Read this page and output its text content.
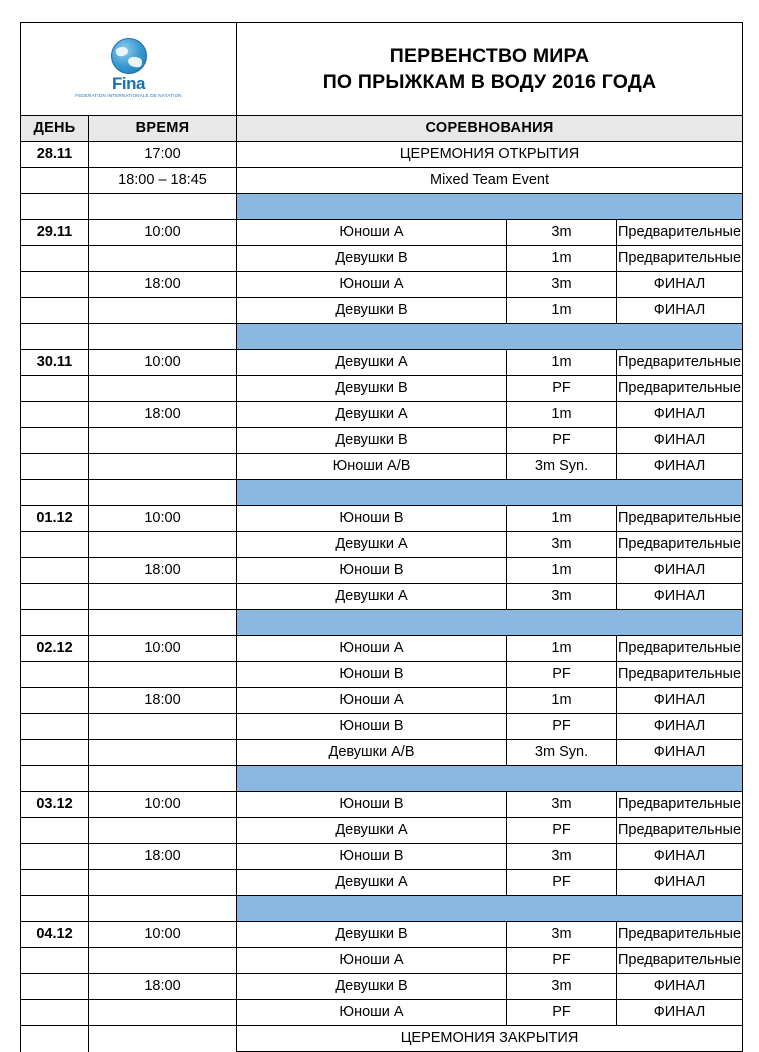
Fina
FEDERATION INTERNATIONALE DE NATATION

ПЕРВЕНСТВО МИРА
ПО ПРЫЖКАМ В ВОДУ 2016 ГОДА

ДЕНЬ	ВРЕМЯ	СОРЕВНОВАНИЯ		
28.11	17:00	ЦЕРЕМОНИЯ ОТКРЫТИЯ		
	18:00 – 18:45	Mixed Team Event		

29.11	10:00	Юноши А	3m	Предварительные
		Девушки В	1m	Предварительные
	18:00	Юноши А	3m	ФИНАЛ
		Девушки В	1m	ФИНАЛ

30.11	10:00	Девушки А	1m	Предварительные
		Девушки В	PF	Предварительные
	18:00	Девушки А	1m	ФИНАЛ
		Девушки В	PF	ФИНАЛ
		Юноши А/В	3m Syn.	ФИНАЛ

01.12	10:00	Юноши В	1m	Предварительные
		Девушки А	3m	Предварительные
	18:00	Юноши В	1m	ФИНАЛ
		Девушки А	3m	ФИНАЛ

02.12	10:00	Юноши А	1m	Предварительные
		Юноши В	PF	Предварительные
	18:00	Юноши А	1m	ФИНАЛ
		Юноши В	PF	ФИНАЛ
		Девушки А/В	3m Syn.	ФИНАЛ

03.12	10:00	Юноши В	3m	Предварительные
		Девушки А	PF	Предварительные
	18:00	Юноши В	3m	ФИНАЛ
		Девушки А	PF	ФИНАЛ

04.12	10:00	Девушки В	3m	Предварительные
		Юноши А	PF	Предварительные
	18:00	Девушки В	3m	ФИНАЛ
		Юноши А	PF	ФИНАЛ
		ЦЕРЕМОНИЯ ЗАКРЫТИЯ		
